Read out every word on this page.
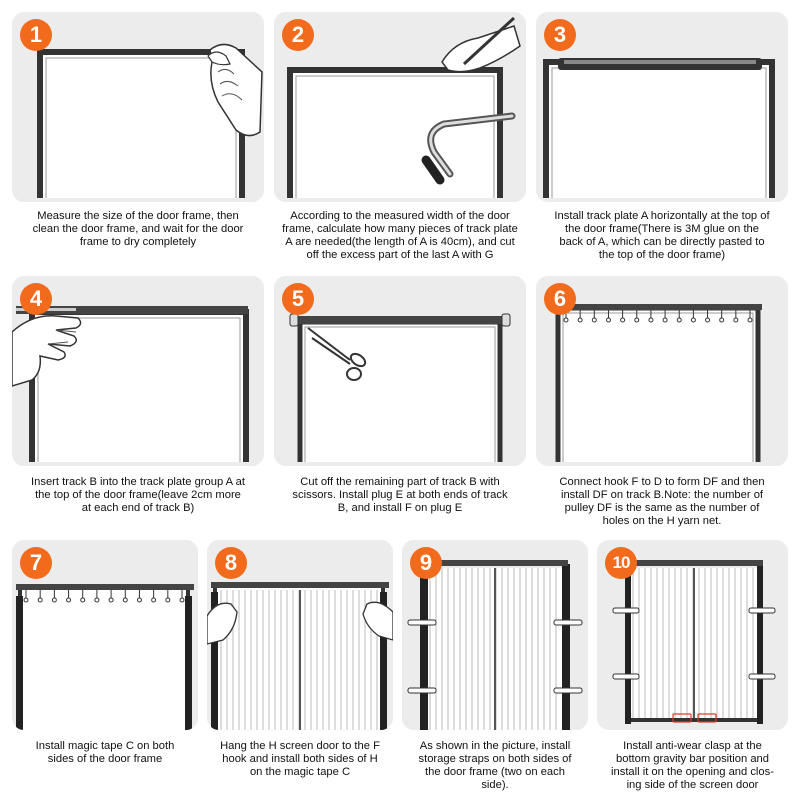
1	2	3
Measure the size of the door frame, then
clean the door frame, and wait for the door
frame to dry completely
According to the measured width of the door
frame, calculate how many pieces of track plate
A are needed(the length of A is 40cm), and cut
off the excess part of the last A with G
Install track plate A horizontally at the top of
the door frame(There is 3M glue on the
back of A, which can be directly pasted to
the top of the door frame)
4	5	6
Insert track B into the track plate group A at
the top of the door frame(leave 2cm more
at each end of track B)
Cut off the remaining part of track B with
scissors. Install plug E at both ends of track
B, and install F on plug E
Connect hook F to D to form DF and then
install DF on track B.Note: the number of
pulley DF is the same as the number of
holes on the H yarn net.
7	8	9	10
Install magic tape C on both
sides of the door frame
Hang the H screen door to the F
hook and install both sides of H
on the magic tape C
As shown in the picture, install
storage straps on both sides of
the door frame (two on each
side).
Install anti-wear clasp at the
bottom gravity bar position and
install it on the opening and clos-
ing side of the screen door
